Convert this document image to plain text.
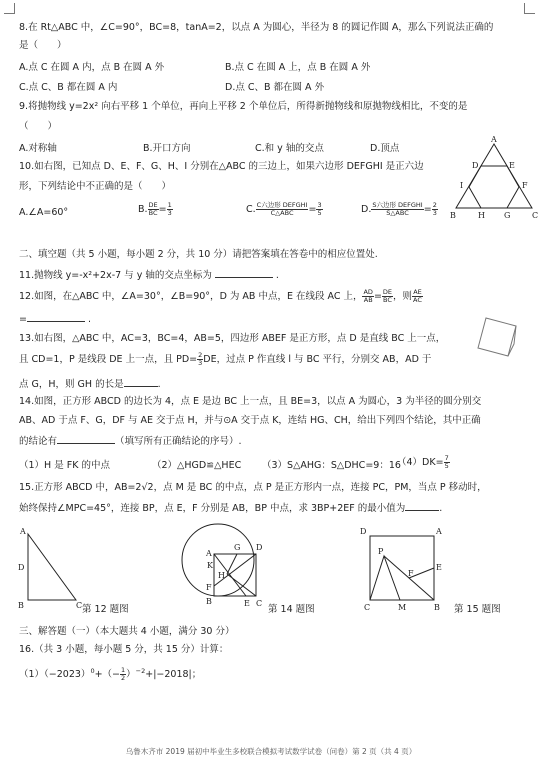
8.在 Rt△ABC 中，∠C=90°，BC=8，tanA=2，以点 A 为圆心，半径为 8 的圆记作圆 A，那么下列说法正确的
是（　　）
A.点 C 在圆 A 内，点 B 在圆 A 外	B.点 C 在圆 A 上，点 B 在圆 A 外
C.点 C、B 都在圆 A 内	D.点 C、B 都在圆 A 外
9.将抛物线 y=2x² 向右平移 1 个单位，再向上平移 2 个单位后，所得新抛物线和原抛物线相比，不变的是
（　　）
A.对称轴	B.开口方向	C.和 y 轴的交点	D.顶点
10.如右图，已知点 D、E、F、G、H、I 分别在△ABC 的三边上，如果六边形 DEFGHI 是正六边
形，下列结论中不正确的是（　　）
A.∠A=60°	B. $\frac{DE}{BC} = \frac{1}{3}$	C. $\frac{\text{C六边形 DEFGHI}}{\text{C△ABC}} = \frac{3}{5}$	D. $\frac{\text{S六边形 DEFGHI}}{\text{S△ABC}} = \frac{2}{3}$
A
D	E
I	F
B	H G	C
二、填空题（共 5 小题，每小题 2 分，共 10 分）请把答案填在答卷中的相应位置处.
11.抛物线 y=-x²+2x-7 与 y 轴的交点坐标为	.
12.如图，在△ABC 中，∠A=30°，∠B=90°，D 为 AB 中点，E 在线段 AC 上， $\frac{AD}{AB} = \frac{DE}{BC}$ ，则 $\frac{AE}{AC}$
=	.
13.如右图，△ABC 中，AC=3，BC=4，AB=5，四边形 ABEF 是正方形，点 D 是直线 BC 上一点，
且 CD=1，P 是线段 DE 上一点，且 $PD= \frac{2}{3}$ DE，过点 P 作直线 l 与 BC 平行，分别交 AB，AD 于
点 G，H，则 GH 的长是	.
14.如图，正方形 ABCD 的边长为 4，点 E 是边 BC 上一点，且 BE=3，以点 A 为圆心，3 为半径的圆分别交
AB、AD 于点 F、G，DF 与 AE 交于点 H，并与⊙A 交于点 K，连结 HG、CH，给出下列四个结论，其中正确
的结论有	（填写所有正确结论的序号）.
（1）H 是 FK 的中点	（2）△HGD≌△HEC （3）S△AHG：S△DHC=9：16
$(4)DK= \frac{7}{5}$
15.正方形 ABCD 中，AB=2√2，点 M 是 BC 的中点，点 P 是正方形内一点，连接 PC，PM，当点 P 移动时，
始终保持∠MPC=45°，连接 BP，点 E，F 分别是 AB，BP 中点，求 3BP+2EF 的最小值为	.
A
D
B	C 第 12 题图
A
G D
K
H
F
B	E C
第 14 题图
D	A
P
F
E
C	M	B 第 15 题图
三、解答题（一）（本大题共 4 小题，满分 30 分）
16.（共 3 小题，每小题 5 分，共 15 分）计算：
$(1)(-2023)^0+(- \frac{1}{2} )^{-2}+|-2018|$；
乌鲁木齐市 2019 届初中毕业生多校联合模拟考试数学试卷（问卷）第 2 页（共 4 页）
